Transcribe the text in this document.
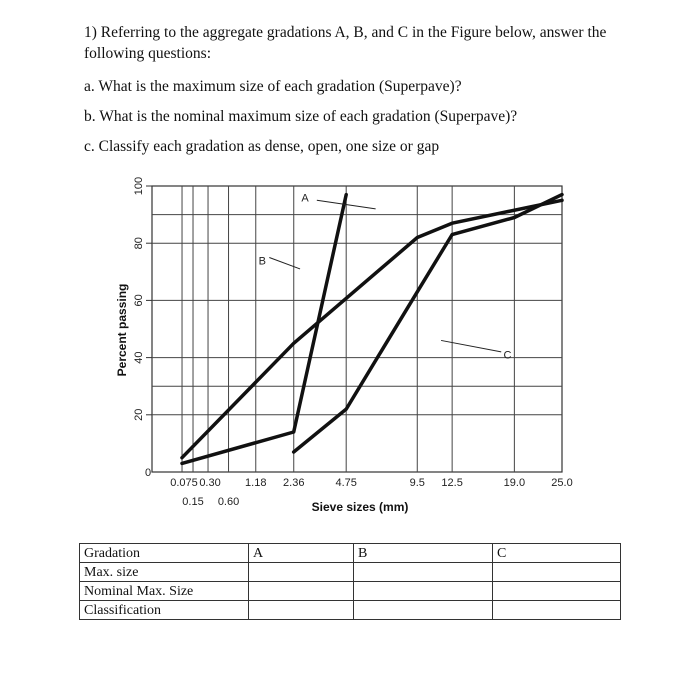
1) Referring to the aggregate gradations A, B, and C in the Figure below, answer the following questions:
a. What is the maximum size of each gradation (Superpave)?
b. What is the nominal maximum size of each gradation (Superpave)?
c. Classify each gradation as dense, open, one size or gap
A
B
C
0
20
40
60
80
100
0.075 0.30 1.18 2.36	4.75	9.5 12.5	19.0 25.0
0.15 0.60	Sieve sizes (mm)
Percent passing
Gradation	A	B	C
Max. size			
Nominal Max. Size			
Classification			
